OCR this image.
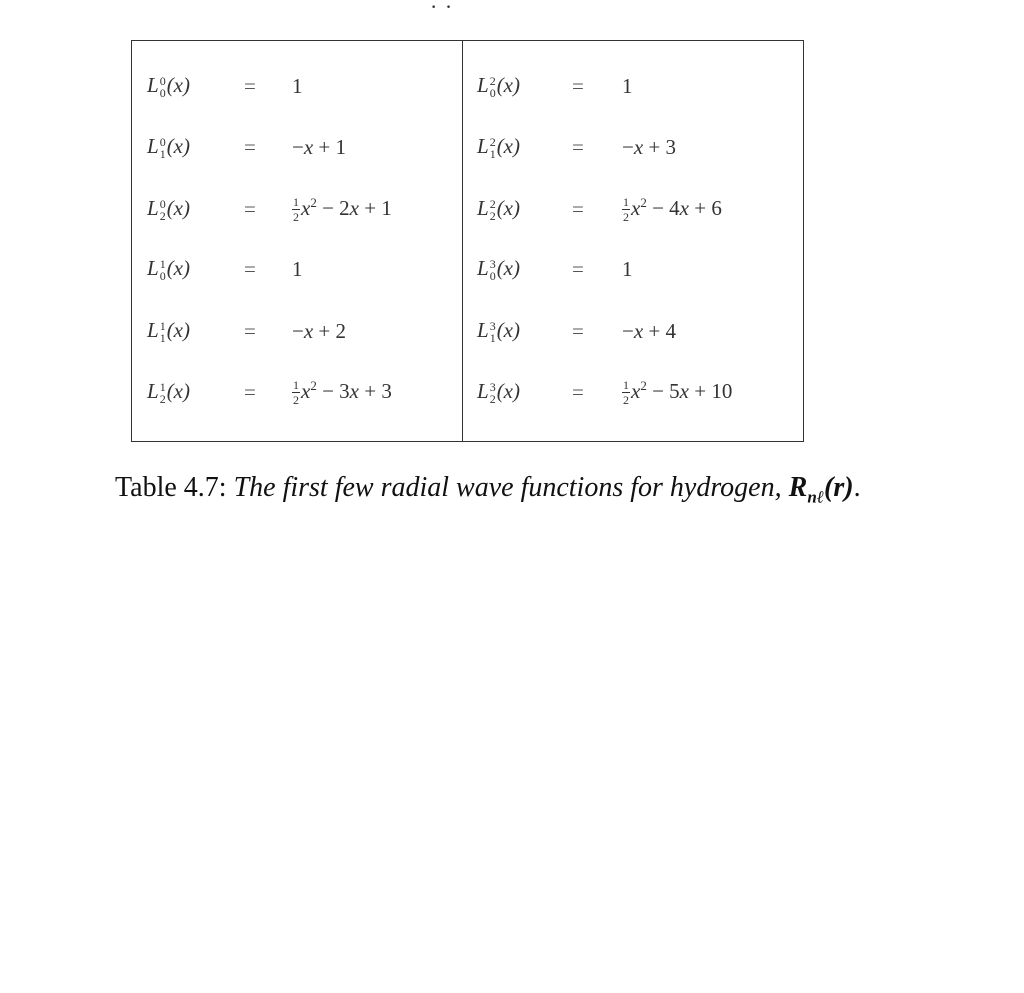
· ·
L 0
0 (x)	= 1
L 0
1 (x)	= −x + 1
L 0
2 (x)	=	$\frac{1}{2} x^2 - 2x + 1$
L 1
0 (x)	= 1
L 1
1 (x)	= −x + 2
L 1
2 (x)	=	$\frac{1}{2} x^2 - 3x + 3$
L 2
0 (x) = 1
L 2
1 (x) = −x + 3
L 2
2 (x) =	$\frac{1}{2} x^2 - 4x + 6$
L 3
0 (x) = 1
L 3
1 (x) = −x + 4
L 3
2 (x) =	$\frac{1}{2} x^2 - 5x + 10$
Table 4.7: The first few radial wave functions for hydrogen, $R_{n\ell}(r)$.
